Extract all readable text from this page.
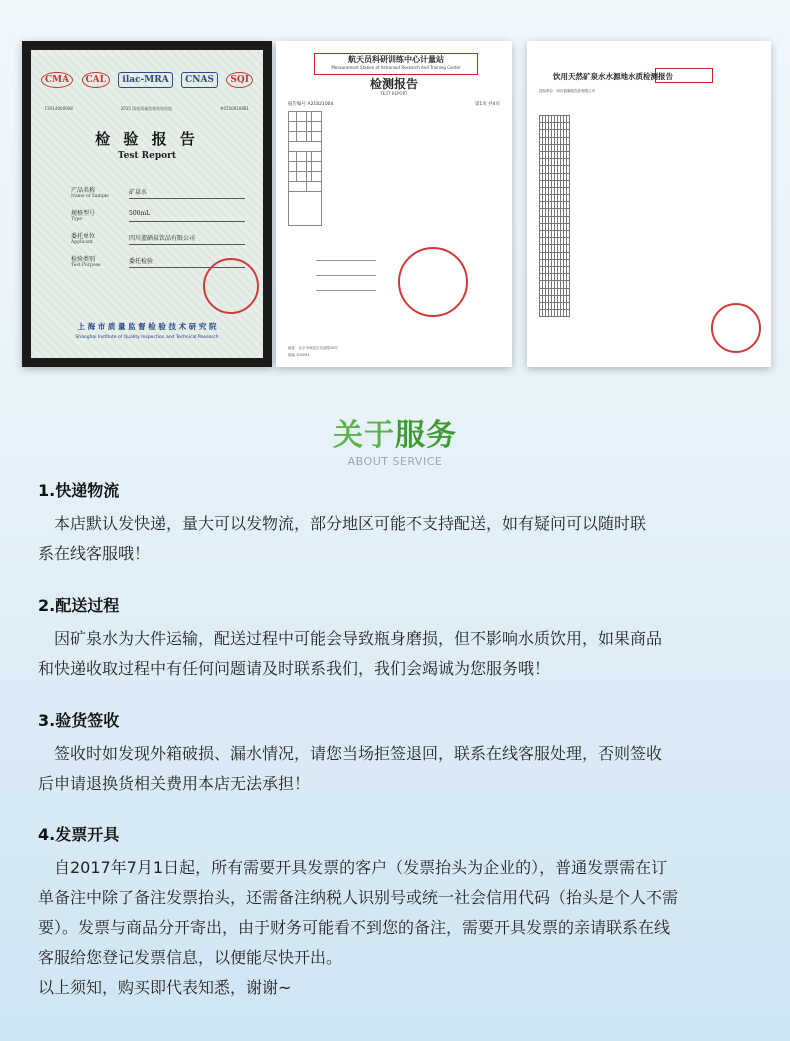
CMA	CAL	ilac-MRA	CNAS	SQI
F2014000008	2015 国家质量监督检验检疫	#0150610881
检 验 报 告
Test Report
产品名称
Name of Sample
矿泉水
规格型号
Type
500mL
委托单位
Applicant
四川蓝硒泉饮品有限公司
检验类别
Test Purpose
委托检验
上 海 市 质 量 监 督 检 验 技 术 研 究 院
Shanghai Institute of Quality Inspection and Technical Research
航天员科研训练中心计量站
Measurement Station of Astronaut Research And Training Center
检测报告
TEST REPORT
报告编号 A21821004	第1页 共4页

地址：北京市海淀区友谊路26号
邮编 100094
饮用天然矿泉水水源地水质检测报告
送检单位：四川蓝硒泉饮品有限公司

关于服务
ABOUT SERVICE
1.快递物流

　本店默认发快递，量大可以发物流，部分地区可能不支持配送，如有疑问可以随时联

系在线客服哦！

2.配送过程

　因矿泉水为大件运输，配送过程中可能会导致瓶身磨损，但不影响水质饮用，如果商品

和快递收取过程中有任何问题请及时联系我们，我们会竭诚为您服务哦！

3.验货签收

　签收时如发现外箱破损、漏水情况，请您当场拒签退回，联系在线客服处理，否则签收

后申请退换货相关费用本店无法承担！

4.发票开具

　自2017年7月1日起，所有需要开具发票的客户（发票抬头为企业的），普通发票需在订

单备注中除了备注发票抬头，还需备注纳税人识别号或统一社会信用代码（抬头是个人不需

要）。发票与商品分开寄出，由于财务可能看不到您的备注，需要开具发票的亲请联系在线

客服给您登记发票信息，以便能尽快开出。

以上须知，购买即代表知悉，谢谢~
